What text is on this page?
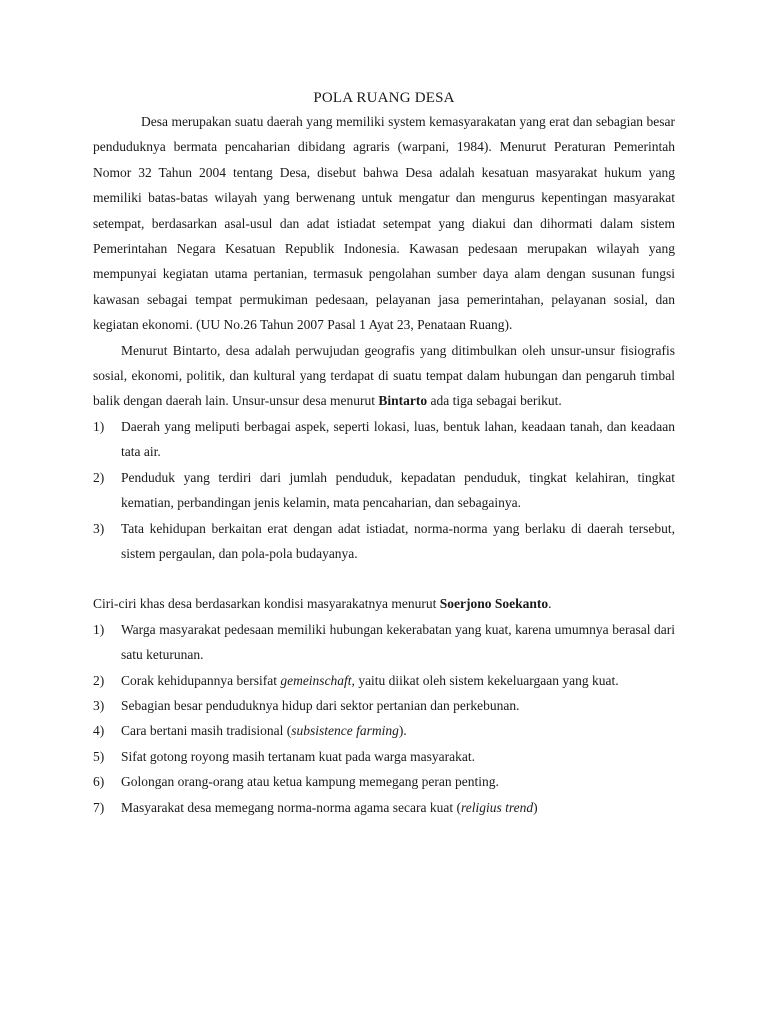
POLA RUANG DESA

Desa merupakan suatu daerah yang memiliki system kemasyarakatan yang erat dan sebagian besar penduduknya bermata pencaharian dibidang agraris (warpani, 1984). Menurut Peraturan Pemerintah Nomor 32 Tahun 2004 tentang Desa, disebut bahwa Desa adalah kesatuan masyarakat hukum yang memiliki batas-batas wilayah yang berwenang untuk mengatur dan mengurus kepentingan masyarakat setempat, berdasarkan asal-usul dan adat istiadat setempat yang diakui dan dihormati dalam sistem Pemerintahan Negara Kesatuan Republik Indonesia. Kawasan pedesaan merupakan wilayah yang mempunyai kegiatan utama pertanian, termasuk pengolahan sumber daya alam dengan susunan fungsi kawasan sebagai tempat permukiman pedesaan, pelayanan jasa pemerintahan, pelayanan sosial, dan kegiatan ekonomi. (UU No.26 Tahun 2007 Pasal 1 Ayat 23, Penataan Ruang).

Menurut Bintarto, desa adalah perwujudan geografis yang ditimbulkan oleh unsur-unsur fisiografis sosial, ekonomi, politik, dan kultural yang terdapat di suatu tempat dalam hubungan dan pengaruh timbal balik dengan daerah lain. Unsur-unsur desa menurut Bintarto ada tiga sebagai berikut.

1) Daerah yang meliputi berbagai aspek, seperti lokasi, luas, bentuk lahan, keadaan tanah, dan keadaan tata air.
2) Penduduk yang terdiri dari jumlah penduduk, kepadatan penduduk, tingkat kelahiran, tingkat kematian, perbandingan jenis kelamin, mata pencaharian, dan sebagainya.
3) Tata kehidupan berkaitan erat dengan adat istiadat, norma-norma yang berlaku di daerah tersebut, sistem pergaulan, dan pola-pola budayanya.

Ciri-ciri khas desa berdasarkan kondisi masyarakatnya menurut Soerjono Soekanto.

1) Warga masyarakat pedesaan memiliki hubungan kekerabatan yang kuat, karena umumnya berasal dari satu keturunan.
2) Corak kehidupannya bersifat gemeinschaft, yaitu diikat oleh sistem kekeluargaan yang kuat.
3) Sebagian besar penduduknya hidup dari sektor pertanian dan perkebunan.
4) Cara bertani masih tradisional (subsistence farming).
5) Sifat gotong royong masih tertanam kuat pada warga masyarakat.
6) Golongan orang-orang atau ketua kampung memegang peran penting.
7) Masyarakat desa memegang norma-norma agama secara kuat (religius trend)
